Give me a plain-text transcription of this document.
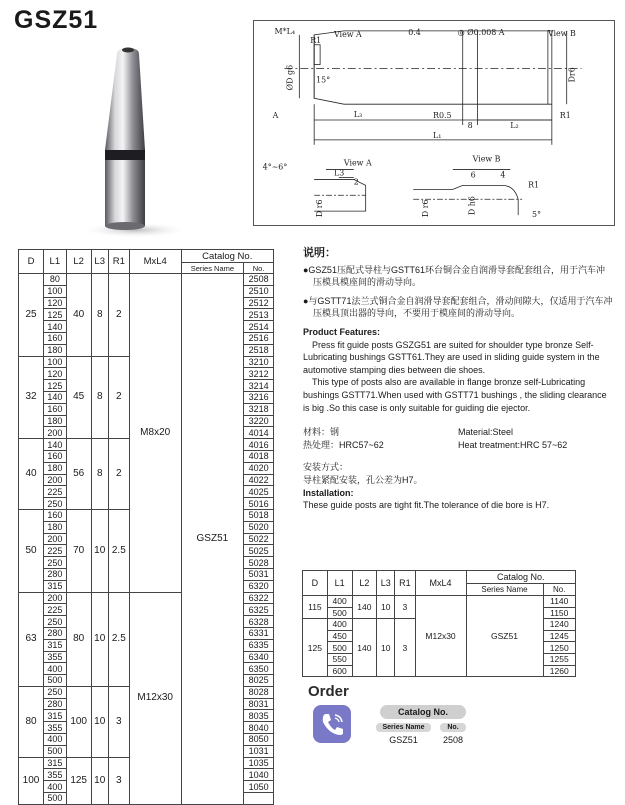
GSZ51	M*L₄	View A	0.4	◎ Ø0.008 A	View B
R1
ØD g6	15°	Dr6
R0.5	R1
A	L₃
8	L₂
L₁
View A	View B
4°~6°
L3
2
D r6
6	4
R1
D h6
D r6	5°
D	L1	L2	L3	R1	MxL4	Catalog No.	
						Series Name	No.
25	80	40	8	2	M8x20	GSZ51	2508
	100						2510
	120						2512
	125						2513
	140						2514
	160						2516
	180						2518
32	100	45	8	2			3210
	120						3212
	125						3214
	140						3216
	160						3218
	180						3220
	200						4014
40	140	56	8	2			4016
	160						4018
	180						4020
	200						4022
	225						4025
	250						5016
50	160	70	10	2.5			5018
	180						5020
	200						5022
	225						5025
	250						5028
	280						5031
	315						6320
63	200	80	10	2.5	M12x30		6322
	225						6325
	250						6328
	280						6331
	315						6335
	355						6340
	400						6350
	500						8025
80	250	100	10	3			8028
	280						8031
	315						8035
	355						8040
	400						8050
	500						1031
100	315	125	10	3			1035
	355						1040
	400						1050
	500						
说明：

●GSZ51压配式导柱与GSTT61环台铜合金自润滑导套配套组合，用于汽车冲压模具模座间的滑动导向。

●与GSTT71法兰式铜合金自润滑导套配套组合，滑动间隙大，仅适用于汽车冲压模具顶出器的导向，不要用于模座间的滑动导向。

Product Features:

　Press fit guide posts GSZG51 are suited for shoulder type bronze Self-Lubricating bushings GSTT61.They are used in sliding guide system in the automotive stamping dies between die shoes.

　This type of posts also are available in flange bronze self-Lubricating bushings GSTT71.When used with GSTT71 bushings , the sliding clearance is big .So this case is only suitable for guiding die ejector.

材料：钢

热处理：HRC57~62

Material:Steel

Heat treatment:HRC 57~62

安装方式：

导柱紧配安装，孔公差为H7。

Installation:

These guide posts are tight fit.The tolerance of die bore is H7.

D	L1	L2	L3	R1	MxL4	Catalog No.	
						Series Name	No.
115	400	140	10	3	M12x30	GSZ51	1140
	500						1150
125	400	140	10	3			1240
	450						1245
	500						1250
	550						1255
	600						1260
Order
Catalog No.
Series Name	No.
GSZ51	2508
